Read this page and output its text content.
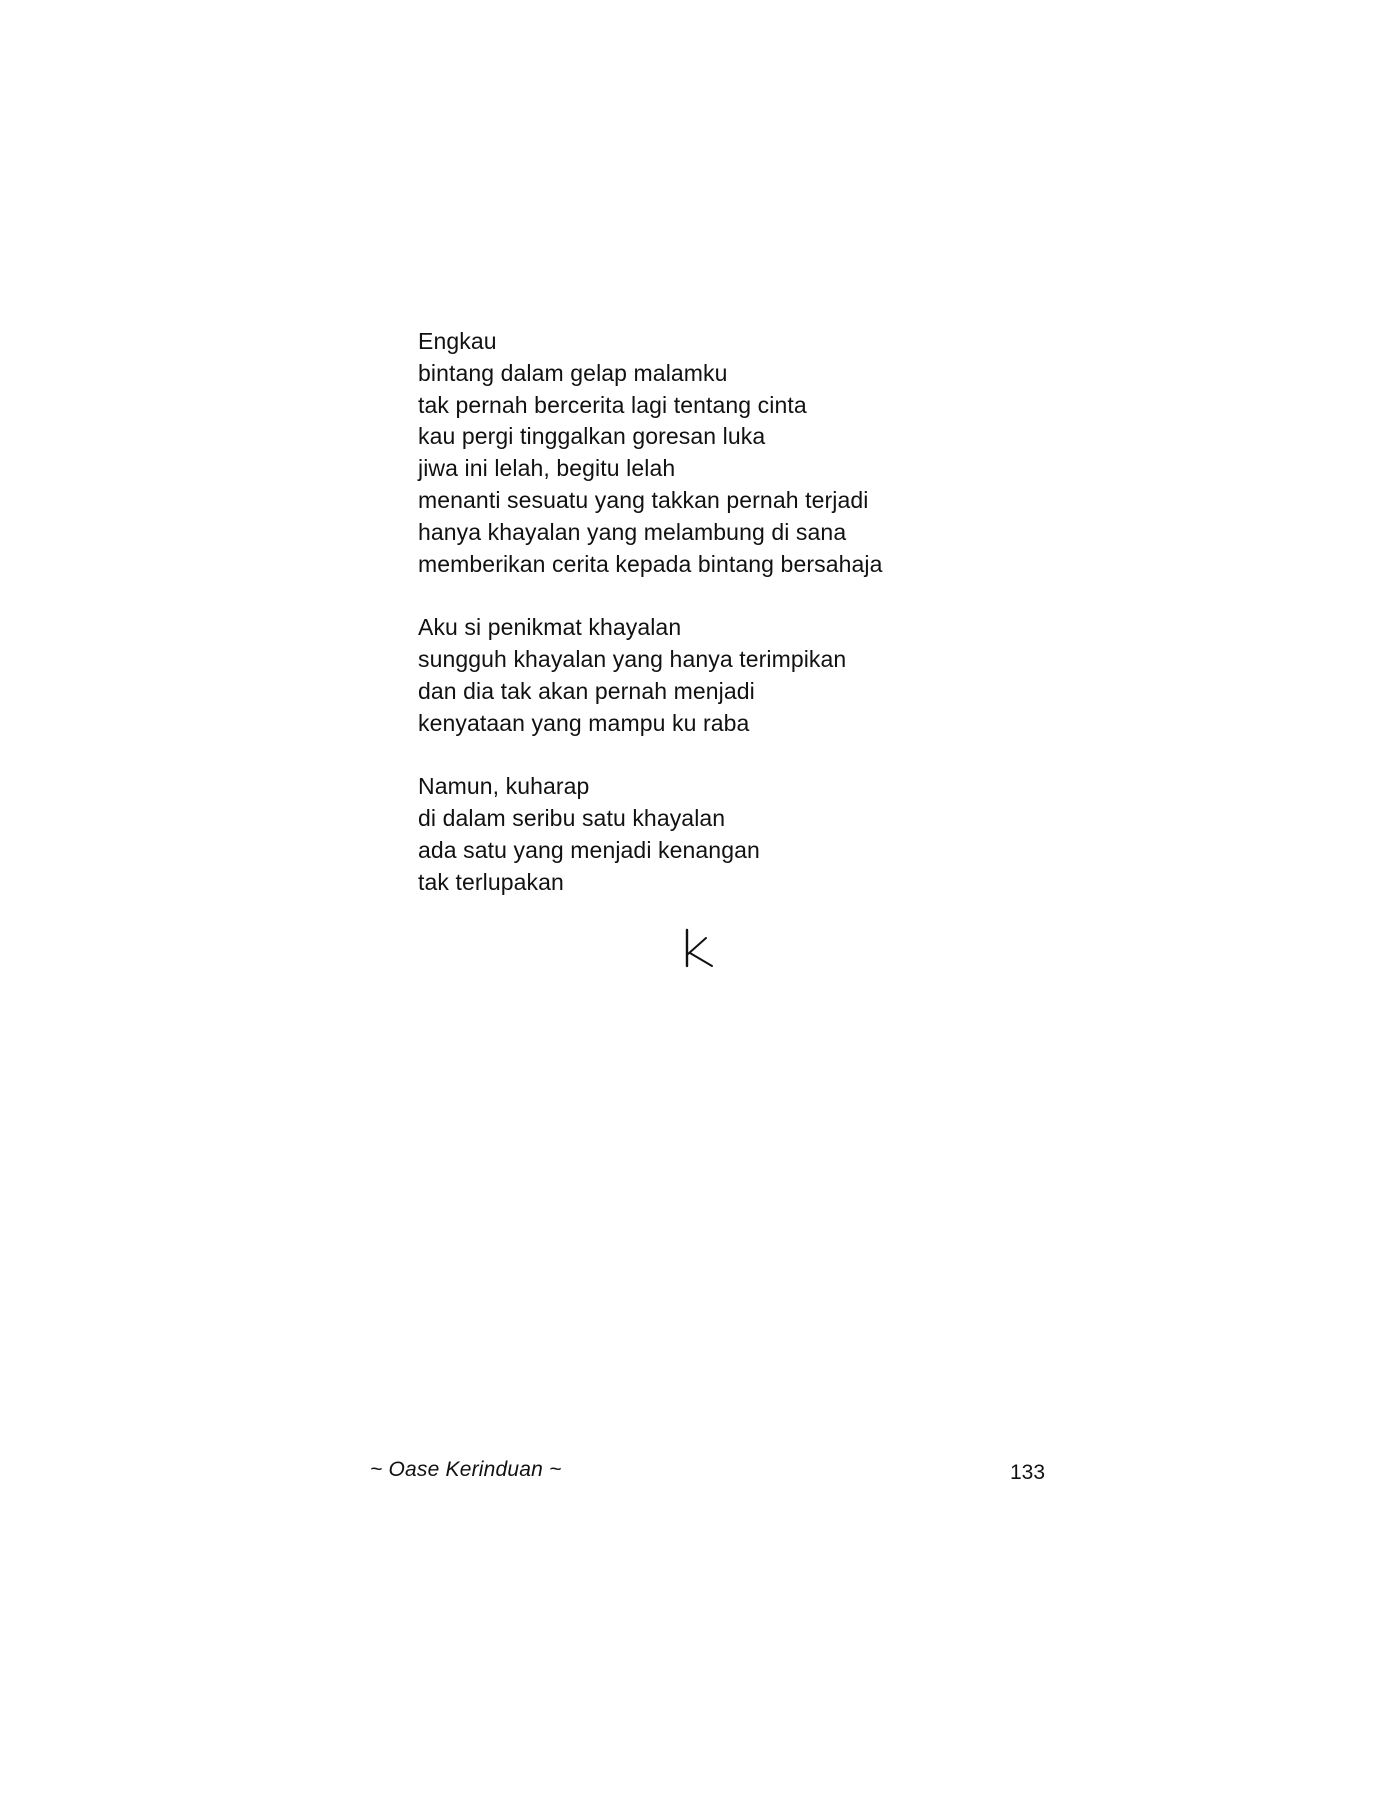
Engkau
bintang dalam gelap malamku
tak pernah bercerita lagi tentang cinta
kau pergi tinggalkan goresan luka
jiwa ini lelah, begitu lelah
menanti sesuatu yang takkan pernah terjadi
hanya khayalan yang melambung di sana
memberikan cerita kepada bintang bersahaja
Aku si penikmat khayalan
sungguh khayalan yang hanya terimpikan
dan dia tak akan pernah menjadi
kenyataan yang mampu ku raba
Namun, kuharap
di dalam seribu satu khayalan
ada satu yang menjadi kenangan
tak terlupakan
~ Oase Kerinduan ~	133
